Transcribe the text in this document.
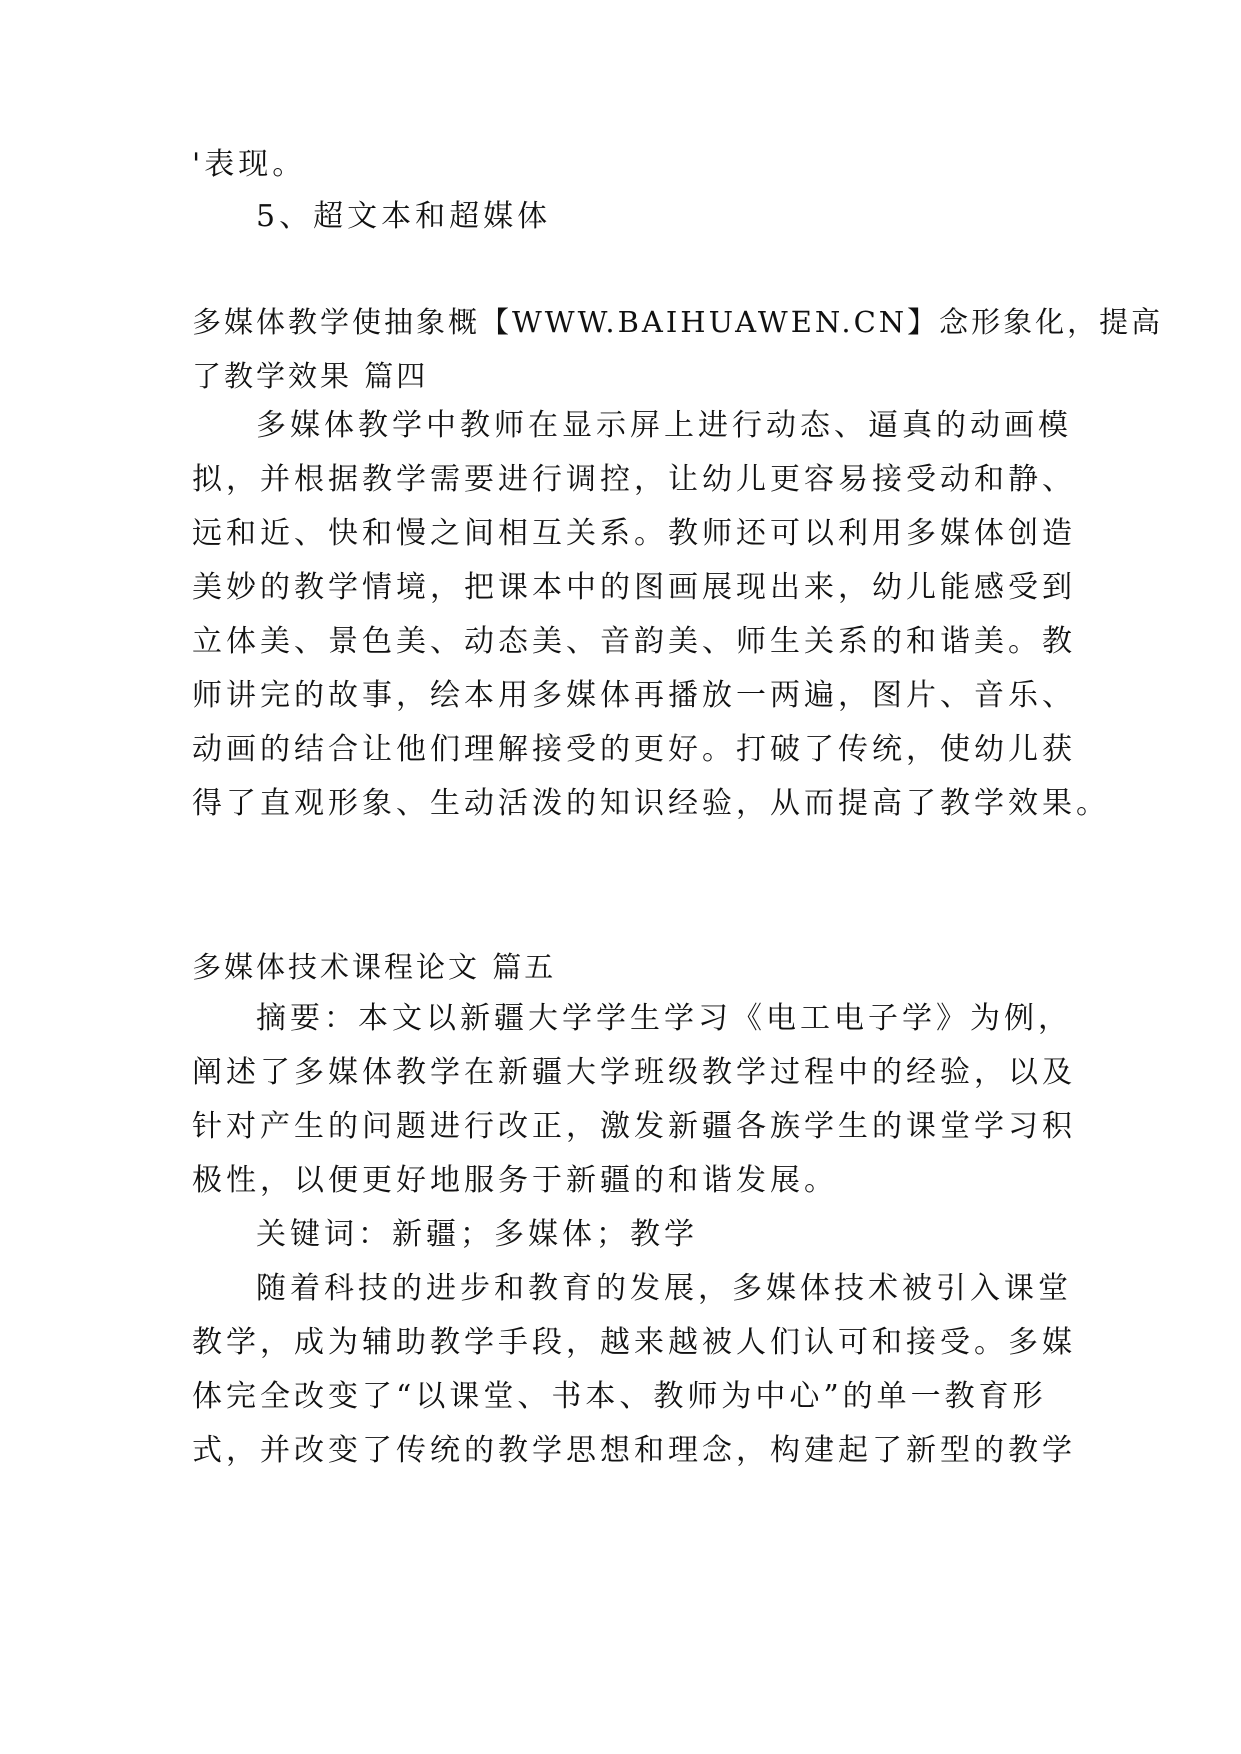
'表现。
5、超文本和超媒体
多媒体教学使抽象概【WWW.BAIHUAWEN.CN】念形象化，提高
了教学效果 篇四
多媒体教学中教师在显示屏上进行动态、逼真的动画模
拟，并根据教学需要进行调控，让幼儿更容易接受动和静、
远和近、快和慢之间相互关系。教师还可以利用多媒体创造
美妙的教学情境，把课本中的图画展现出来，幼儿能感受到
立体美、景色美、动态美、音韵美、师生关系的和谐美。教
师讲完的故事，绘本用多媒体再播放一两遍，图片、音乐、
动画的结合让他们理解接受的更好。打破了传统，使幼儿获
得了直观形象、生动活泼的知识经验，从而提高了教学效果。
多媒体技术课程论文 篇五
摘要：本文以新疆大学学生学习《电工电子学》为例，
阐述了多媒体教学在新疆大学班级教学过程中的经验，以及
针对产生的问题进行改正，激发新疆各族学生的课堂学习积
极性，以便更好地服务于新疆的和谐发展。
关键词：新疆；多媒体；教学
随着科技的进步和教育的发展，多媒体技术被引入课堂
教学，成为辅助教学手段，越来越被人们认可和接受。多媒
体完全改变了“以课堂、书本、教师为中心”的单一教育形
式，并改变了传统的教学思想和理念，构建起了新型的教学
